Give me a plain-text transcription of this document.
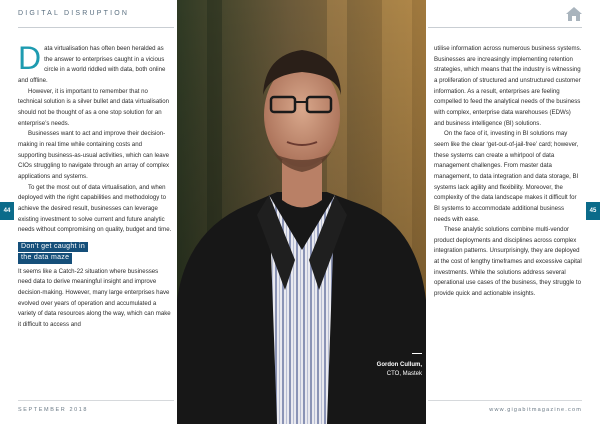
DIGITAL DISRUPTION

Data virtualisation has often been heralded as the answer to enterprises caught in a vicious circle in a world riddled with data, both online and offline.

However, it is important to remember that no technical solution is a silver bullet and data virtualisation should not be thought of as a one stop solution for an enterprise’s needs.

Businesses want to act and improve their decision-making in real time while containing costs and supporting business-as-usual activities, which can leave CIOs struggling to navigate through an array of complex applications and systems.

To get the most out of data virtualisation, and when deployed with the right capabilities and methodology to achieve the desired result, businesses can leverage existing investment to solve current and future analytic needs without compromising on quality, budget and time.

Don’t get caught in
the data maze

It seems like a Catch-22 situation where businesses need data to derive meaningful insight and improve decision-making. However, many large enterprises have evolved over years of operation and accumulated a variety of data resources along the way, which can make it difficult to access and

Gordon Cullum,
CTO, Mastek

utilise information across numerous business systems.

Businesses are increasingly implementing retention strategies, which means that the industry is witnessing a proliferation of structured and unstructured customer information. As a result, enterprises are feeling compelled to feed the analytical needs of the business with complex, enterprise data warehouses (EDWs) and business intelligence (BI) solutions.

On the face of it, investing in BI solutions may seem like the clear ‘get-out-of-jail-free’ card; however, these systems can create a whirlpool of data management challenges. From master data management, to data integration and data storage, BI systems lack agility and flexibility. Moreover, the complexity of the data landscape makes it difficult for BI systems to accommodate additional business needs with ease.

These analytic solutions combine multi-vendor product deployments and disciplines across complex integration patterns. Unsurprisingly, they are deployed at the cost of lengthy timeframes and excessive capital investments. While the solutions address several operational use cases of the business, they struggle to provide quick and actionable insights.

44	45
SEPTEMBER 2018	www.gigabitmagazine.com
